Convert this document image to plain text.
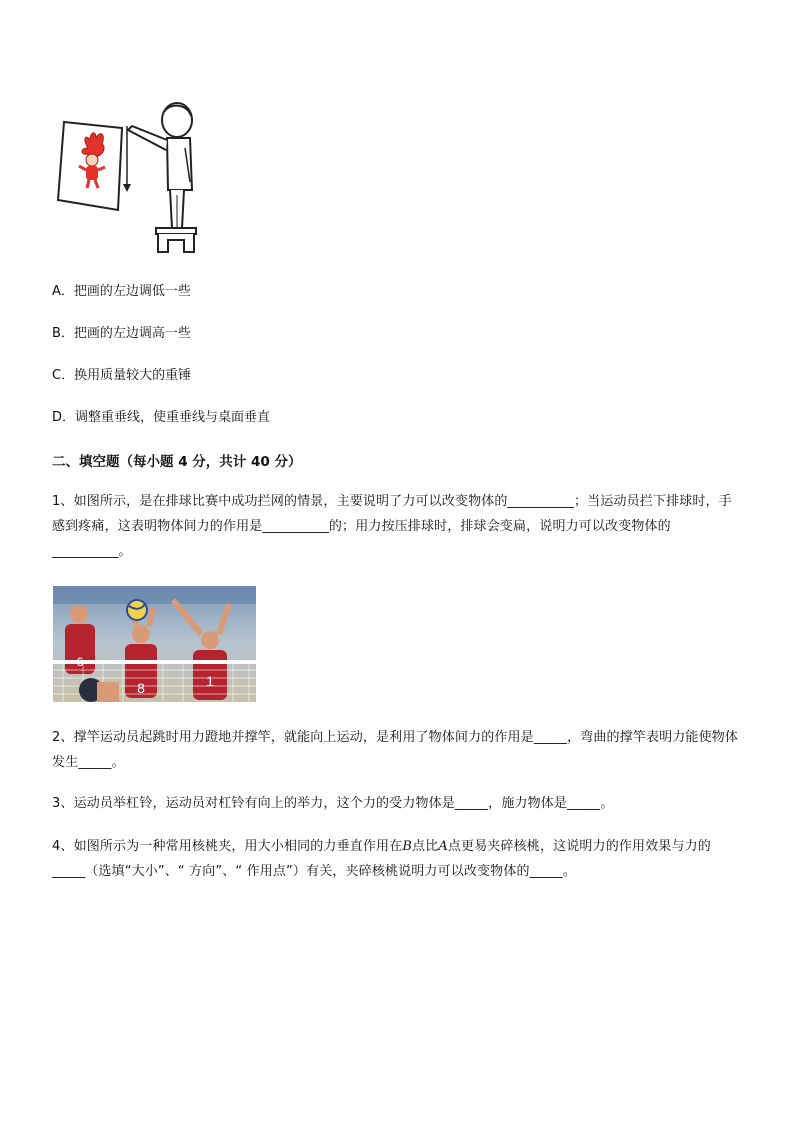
A．把画的左边调低一些
B．把画的左边调高一些
C．换用质量较大的重锤
D．调整重垂线，使重垂线与桌面垂直
二、填空题（每小题 4 分，共计 40 分）
1、如图所示，是在排球比赛中成功拦网的情景，主要说明了力可以改变物体的__________；当运动员拦下排球时，手感到疼痛，这表明物体间力的作用是__________的；用力按压排球时，排球会变扁，说明力可以改变物体的__________。
8	1
2、撑竿运动员起跳时用力蹬地并撑竿，就能向上运动，是利用了物体间力的作用是_____，弯曲的撑竿表明力能使物体发生_____。
3、运动员举杠铃，运动员对杠铃有向上的举力，这个力的受力物体是_____，施力物体是_____。
4、如图所示为一种常用核桃夹，用大小相同的力垂直作用在B点比A点更易夹碎核桃，这说明力的作用效果与力的_____（选填“大小”、“ 方向”、“ 作用点”）有关，夹碎核桃说明力可以改变物体的_____。
